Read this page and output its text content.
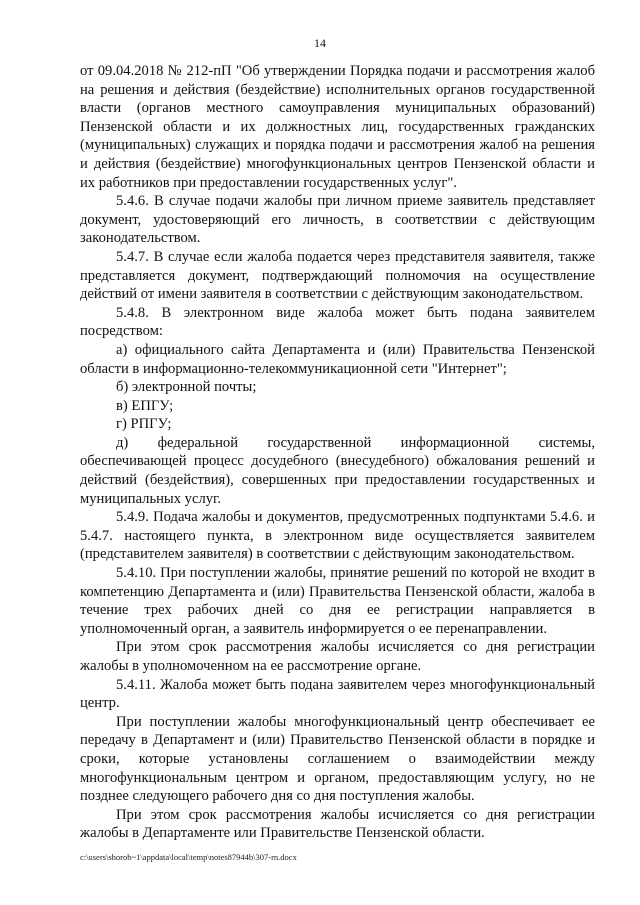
14

от 09.04.2018 № 212-пП "Об утверждении Порядка подачи и рассмотрения жалоб на решения и действия (бездействие) исполнительных органов государственной власти (органов местного самоуправления муниципальных образований) Пензенской области и их должностных лиц, государственных гражданских (муниципальных) служащих и порядка подачи и рассмотрения жалоб на решения и действия (бездействие) многофункциональных центров Пензенской области и их работников при предоставлении государственных услуг".

5.4.6. В случае подачи жалобы при личном приеме заявитель представляет документ, удостоверяющий его личность, в соответствии с действующим законодательством.

5.4.7. В случае если жалоба подается через представителя заявителя, также представляется документ, подтверждающий полномочия на осуществление действий от имени заявителя в соответствии с действующим законодательством.

5.4.8. В электронном виде жалоба может быть подана заявителем посредством:

а) официального сайта Департамента и (или) Правительства Пензенской области в информационно-телекоммуникационной сети "Интернет";

б) электронной почты;

в) ЕПГУ;

г) РПГУ;

д) федеральной государственной информационной системы, обеспечивающей процесс досудебного (внесудебного) обжалования решений и действий (бездействия), совершенных при предоставлении государственных и муниципальных услуг.

5.4.9. Подача жалобы и документов, предусмотренных подпунктами 5.4.6. и 5.4.7. настоящего пункта, в электронном виде осуществляется заявителем (представителем заявителя) в соответствии с действующим законодательством.

5.4.10. При поступлении жалобы, принятие решений по которой не входит в компетенцию Департамента и (или) Правительства Пензенской области, жалоба в течение трех рабочих дней со дня ее регистрации направляется в уполномоченный орган, а заявитель информируется о ее перенаправлении.

При этом срок рассмотрения жалобы исчисляется со дня регистрации жалобы в уполномоченном на ее рассмотрение органе.

5.4.11. Жалоба может быть подана заявителем через многофункциональный центр.

При поступлении жалобы многофункциональный центр обеспечивает ее передачу в Департамент и (или) Правительство Пензенской области в порядке и сроки, которые установлены соглашением о взаимодействии между многофункциональным центром и органом, предоставляющим услугу, но не позднее следующего рабочего дня со дня поступления жалобы.

При этом срок рассмотрения жалобы исчисляется со дня регистрации жалобы в Департаменте или Правительстве Пензенской области.

c:\users\shorob~1\appdata\local\temp\notes87944b\307-rn.docx
